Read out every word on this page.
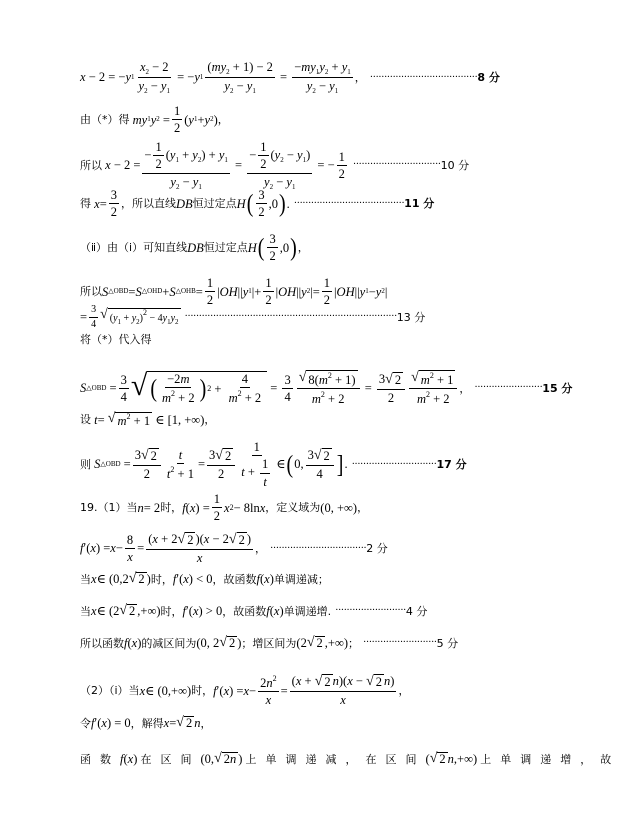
x − 2 = − y $1 \frac{x_2 - 2}{y_2 - y_1}$ = − y $1 \frac{(my_2 + 1) - 2}{y_2 - y_1} = \frac{-my_1y_2 + y_1}{y_2 - y_1}$ ， ······································ 8 分
由（*）得
my 1 y $2 = \frac{1}{2}$ ( y 1 + y 2 ) ，
所以
$x - 2 = \frac{- \frac{1}{2} (y_1 + y_2) + y_1}{y_2 - y_1} = \frac{- \frac{1}{2} (y_2 - y_1)}{y_2 - y_1}$ = − $\frac{1}{2}$ ······························· 10 分
得
$x = \frac{3}{2}$ ，所以直线 DB 恒过定点 H ( $\frac{3}{2} ,0$ ) . ······································· 11 分
（ⅱ）由（ⅰ）可知直线 DB 恒过定点 H ( $\frac{3}{2} ,0$ ) ，
所以 S △OBD = S △OHD + S △OHB = $\frac{1}{2}$ | OH || y 1 |+ $\frac{1}{2}$ | OH || y 2 |= $\frac{1}{2}$ | OH || y 1 − y 2 |
= $\frac{3}{4}$ √ $(y_1 + y_2)^2 - 4y_1y_2$ ··········································································· 13 分
将（*）代入得
S △OBD = $\frac{3}{4}$ √ ( $\frac{-2m}{m^2 + 2}$ ) $2 + \frac{4}{m^2 + 2} = \frac{3}{4} \frac{√ 8(m^2 + 1)}{m^2 + 2} = \frac{3 √ 2}{2} \frac{√ m^2 + 1}{m^2 + 2}$ ， ························ 15 分
设
t = √ $m^2 + 1$ ∈ [1, +∞) ，
则
S △OBD = $\frac{3 √ 2}{2} \frac{t}{t^2 + 1} = \frac{3 √ 2}{2} \frac{1}{t + \frac{1}{t}}$ ∈ ( 0, $\frac{3 √ 2}{4}$ ] . ······························ 17 分
19.（1）当 n = 2 时， f ( x ) = $\frac{1}{2}$ x 2 − 8ln x ，定义域为 (0, +∞) ，
f ′( x ) = $x - \frac{8}{x} = \frac{(x + 2 √ 2 )(x - 2 √ 2 )}{x}$ ， ·································· 2 分
当 x ∈ (0,2 √ 2 ) 时， f ′( x ) < 0 ，故函数 f ( x ) 单调递减；
当 x ∈ (2 √ 2 ,+∞) 时， f ′( x ) > 0 ，故函数 f ( x ) 单调递增. ························· 4 分
所以函数 f ( x ) 的减区间为 (0, 2 √ 2 ) ；增区间为 (2 √ 2 ,+∞) ； ·························· 5 分
（2）（ⅰ）当 x ∈ (0,+∞) 时， f ′( x ) = $x - \frac{2n^2}{x} = \frac{(x + √ 2 n)(x - √ 2 n)}{x}$ ，
令 f ′( x ) = 0 ，解得 x = √ 2 n ，
函数 f ( x ) 在区间 (0, √ 2n ) 上单调递减，在区间 ( √ 2 n ,+∞) 上单调递增，故
